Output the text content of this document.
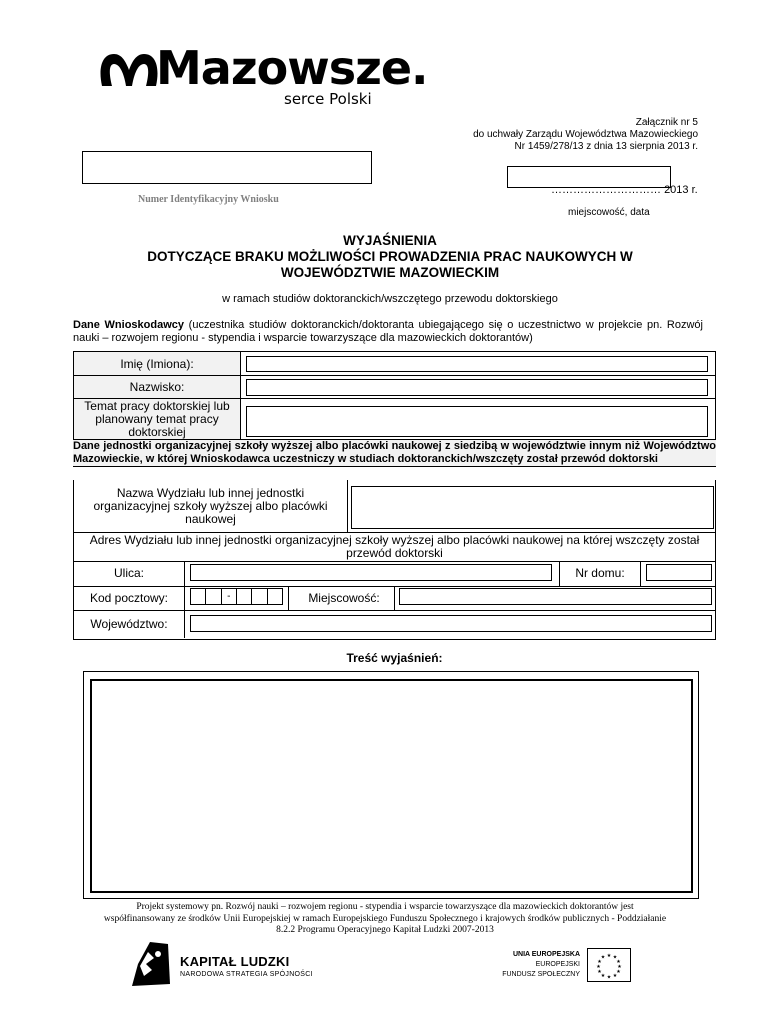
Mazowsze.
serce Polski
Załącznik nr 5
do uchwały Zarządu Województwa Mazowieckiego
Nr 1459/278/13 z dnia 13 sierpnia 2013 r.
Numer Identyfikacyjny Wniosku
………………………… 2013 r.
miejscowość, data
WYJAŚNIENIA
DOTYCZĄCE BRAKU MOŻLIWOŚCI PROWADZENIA PRAC NAUKOWYCH W
WOJEWÓDZTWIE MAZOWIECKIM
w ramach studiów doktoranckich/wszczętego przewodu doktorskiego
Dane Wnioskodawcy (uczestnika studiów doktoranckich/doktoranta ubiegającego się o uczestnictwo w projekcie pn. Rozwój nauki – rozwojem regionu - stypendia i wsparcie towarzyszące dla mazowieckich doktorantów)
Imię (Imiona):
Nazwisko:
Temat pracy doktorskiej lub planowany temat pracy doktorskiej
Dane jednostki organizacyjnej szkoły wyższej albo placówki naukowej z siedzibą w województwie innym niż Województwo Mazowieckie, w której Wnioskodawca uczestniczy w studiach doktoranckich/wszczęty został przewód doktorski
Nazwa Wydziału lub innej jednostki organizacyjnej szkoły wyższej albo placówki naukowej
Adres Wydziału lub innej jednostki organizacyjnej szkoły wyższej albo placówki naukowej na której wszczęty został przewód doktorski
Ulica:	Nr domu:
Kod pocztowy:	-	Miejscowość:
Województwo:
Treść wyjaśnień:
Projekt systemowy pn. Rozwój nauki – rozwojem regionu - stypendia i wsparcie towarzyszące dla mazowieckich doktorantów jest
współfinansowany ze środków Unii Europejskiej w ramach Europejskiego Funduszu Społecznego i krajowych środków publicznych - Poddziałanie
8.2.2 Programu Operacyjnego Kapitał Ludzki 2007-2013
KAPITAŁ LUDZKI
NARODOWA STRATEGIA SPÓJNOŚCI
UNIA EUROPEJSKA
EUROPEJSKI
FUNDUSZ SPOŁECZNY
★ ★
★
★
★
★
★
★
★
★
★
★
